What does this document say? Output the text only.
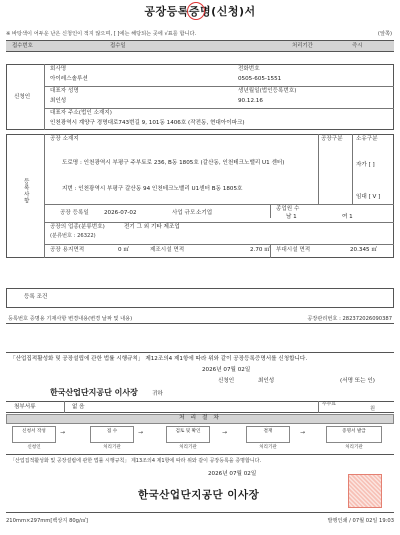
공장등록증명(신청)서
※ 바탕색이 어두운 난은 신청인이 적지 않으며, [ ]에는 해당되는 곳에 √표를 합니다.	(앞쪽)
접수번호	접수일	처리기간	즉시
신청인
회사명
아이레스솔루션
전화번호
0505-605-1551
대표자 성명
최인성
생년월일(법인등록번호)
90.12.16
대표자 주소(법인 소재지)
인천광역시 계양구 경명대로743번길 9, 101동 1406호 (작전동, 현대아이파크)
등록사항
공장 소재지
도로명 : 인천광역시 부평구 주부토로 236, B동 1805호 (갈산동, 인천테크노밸리 U1 센터)
지번 : 인천광역시 부평구 갈산동 94 인천테크노밸리 U1센터 B동 1805호
공장구분 소유구분
자가 [ ]
임대 [ V ]
공장 등록일	2026-07-02	사업 규모 소기업
종업원 수
남 1	여 1
공장의 업종(분류번호)	전기 그 외 기타 제조업
(분류번호 : 26322)
공장 용지면적	0 ㎡	제조시설 면적	2.70 ㎡ 부대시설 면적	20.345 ㎡
등록 조건
등록번호 증명용 기재사항 변경내용(변경 날짜 및 내용)	공장관리번호 : 282372026090387
「산업집적활성화 및 공장설립에 관한 법률 시행규칙」 제12조의4 제1항에 따라 위와 같이 공장등록증명서를 신청합니다.
2026년 07월 02일
신청인	최인성	(서명 또는 인)
한국산업단지공단 이사장	귀하
첨부서류	없 음	수수료
원
처 리 절 차
신청서 작성	→	접 수	→	검토 및 확인	→	결재	→	증명서 발급
신청인	처리기관	처리기관	처리기관	처리기관
「산업집적활성화 및 공장설립에 관한 법률 시행규칙」 제13조의4 제1항에 따라 위와 같이 공장등록을 증명합니다.
2026년 07월 02일
한국산업단지공단 이사장
210mm×297mm[백상지 80g/㎡]	발행인쇄 / 07월 02일 19:03
